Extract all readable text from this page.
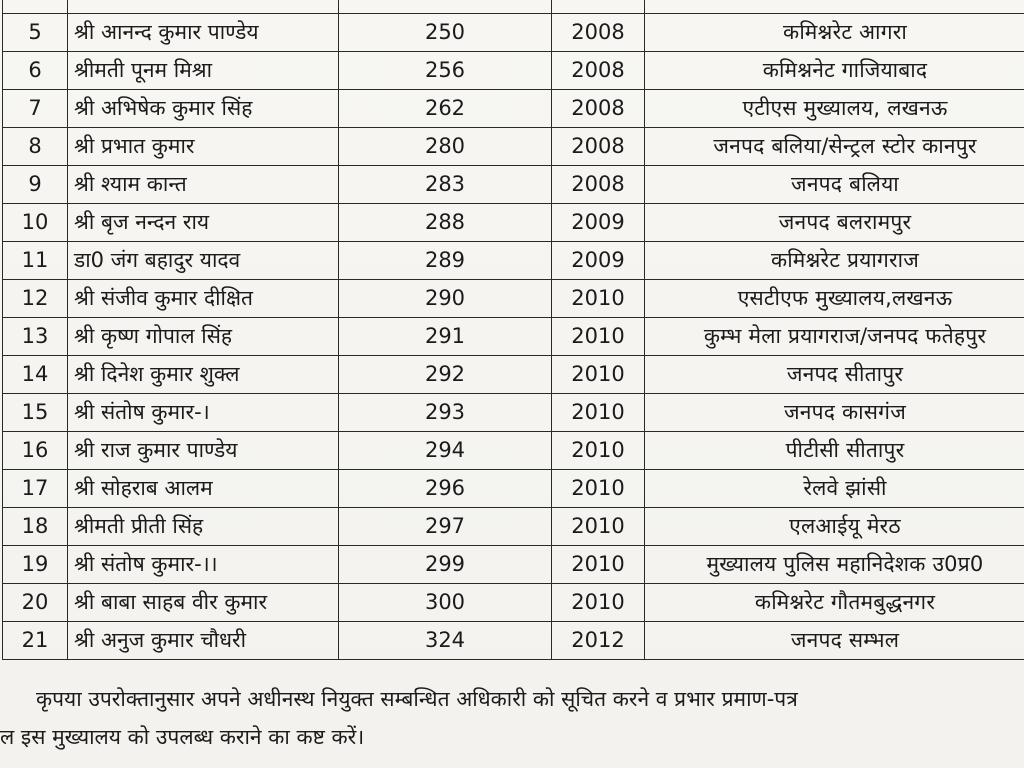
5	श्री आनन्द कुमार पाण्डेय	250	2008	कमिश्नरेट आगरा
6	श्रीमती पूनम मिश्रा	256	2008	कमिश्ननेट गाजियाबाद
7	श्री अभिषेक कुमार सिंह	262	2008	एटीएस मुख्यालय, लखनऊ
8	श्री प्रभात कुमार	280	2008	जनपद बलिया/सेन्ट्रल स्टोर कानपुर
9	श्री श्याम कान्त	283	2008	जनपद बलिया
10	श्री बृज नन्दन राय	288	2009	जनपद बलरामपुर
11	डा0 जंग बहादुर यादव	289	2009	कमिश्नरेट प्रयागराज
12	श्री संजीव कुमार दीक्षित	290	2010	एसटीएफ मुख्यालय,लखनऊ
13	श्री कृष्ण गोपाल सिंह	291	2010	कुम्भ मेला प्रयागराज/जनपद फतेहपुर
14	श्री दिनेश कुमार शुक्ल	292	2010	जनपद सीतापुर
15	श्री संतोष कुमार-।	293	2010	जनपद कासगंज
16	श्री राज कुमार पाण्डेय	294	2010	पीटीसी सीतापुर
17	श्री सोहराब आलम	296	2010	रेलवे झांसी
18	श्रीमती प्रीती सिंह	297	2010	एलआईयू मेरठ
19	श्री संतोष कुमार-।।	299	2010	मुख्यालय पुलिस महानिदेशक उ0प्र0
20	श्री बाबा साहब वीर कुमार	300	2010	कमिश्नरेट गौतमबुद्धनगर
21	श्री अनुज कुमार चौधरी	324	2012	जनपद सम्भल

कृपया उपरोक्तानुसार अपने अधीनस्थ नियुक्त सम्बन्धित अधिकारी को सूचित करने व प्रभार प्रमाण-पत्र

ल इस मुख्यालय को उपलब्ध कराने का कष्ट करें।
